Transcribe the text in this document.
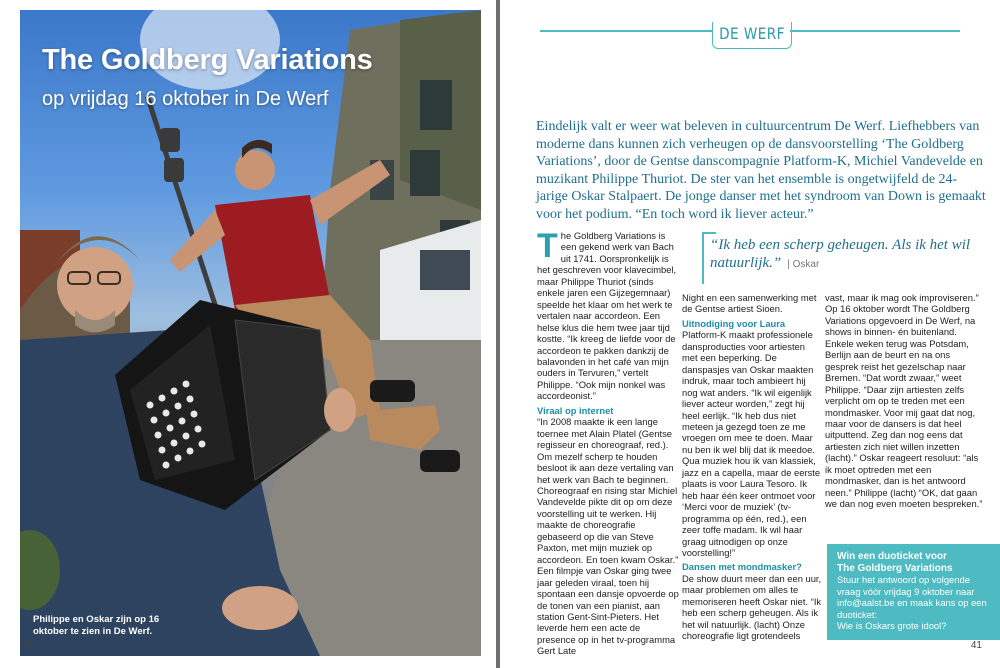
The Goldberg Variations
op vrijdag 16 oktober in De Werf
Philippe en Oskar zijn op 16 oktober te zien in De Werf.
40
DE WERF
Eindelijk valt er weer wat beleven in cultuurcentrum De Werf. Liefhebbers van moderne dans kunnen zich verheugen op de dansvoorstelling ‘The Goldberg Variations’, door de Gentse danscompagnie Platform-K, Michiel Vandevelde en muzikant Philippe Thuriot. De ster van het ensemble is ongetwijfeld de 24-jarige Oskar Stalpaert. De jonge danser met het syndroom van Down is gemaakt voor het podium. “En toch word ik liever acteur.”
“Ik heb een scherp geheugen. Als ik het wil natuurlijk.” | Oskar

The Goldberg Variations is een gekend werk van Bach uit 1741. Oorspronkelijk is het geschreven voor klavecimbel, maar Philippe Thuriot (sinds enkele jaren een Gijzegemnaar) speelde het klaar om het werk te vertalen naar accordeon. Een helse klus die hem twee jaar tijd kostte. “Ik kreeg de liefde voor de accordeon te pakken dankzij de balavonden in het café van mijn ouders in Tervuren,” vertelt Philippe. “Ook mijn nonkel was accordeonist.”

Viraal op internet

“In 2008 maakte ik een lange toernee met Alain Platel (Gentse regisseur en choreograaf, red.). Om mezelf scherp te houden besloot ik aan deze vertaling van het werk van Bach te beginnen. Choreograaf en rising star Michiel Vandevelde pikte dit op om deze voorstelling uit te werken. Hij maakte de choreografie gebaseerd op die van Steve Paxton, met mijn muziek op accordeon. En toen kwam Oskar.” Een filmpje van Oskar ging twee jaar geleden viraal, toen hij spontaan een dansje opvoerde op de tonen van een pianist, aan station Gent-Sint-Pieters. Het leverde hem een acte de presence op in het tv-programma Gert Late

Night en een samenwerking met de Gentse artiest Sioen.

Uitnodiging voor Laura

Platform-K maakt professionele dansproducties voor artiesten met een beperking. De danspasjes van Oskar maakten indruk, maar toch ambieert hij nog wat anders. “Ik wil eigenlijk liever acteur worden,” zegt hij heel eerlijk. “Ik heb dus niet meteen ja gezegd toen ze me vroegen om mee te doen. Maar nu ben ik wel blij dat ik meedoe. Qua muziek hou ik van klassiek, jazz en a capella, maar de eerste plaats is voor Laura Tesoro. Ik heb haar één keer ontmoet voor ‘Merci voor de muziek’ (tv-programma op één, red.), een zeer toffe madam. Ik wil haar graag uitnodigen op onze voorstelling!”

Dansen met mondmasker?

De show duurt meer dan een uur, maar problemen om alles te memoriseren heeft Oskar niet. “Ik heb een scherp geheugen. Als ik het wil natuurlijk. (lacht) Onze choreografie ligt grotendeels

vast, maar ik mag ook improviseren.” Op 16 oktober wordt The Goldberg Variations opgevoerd in De Werf, na shows in binnen- én buitenland. Enkele weken terug was Potsdam, Berlijn aan de beurt en na ons gesprek reist het gezelschap naar Bremen. “Dat wordt zwaar,” weet Philippe. “Daar zijn artiesten zelfs verplicht om op te treden met een mondmasker. Voor mij gaat dat nog, maar voor de dansers is dat heel uitputtend. Zeg dan nog eens dat artiesten zich niet willen inzetten (lacht).” Oskar reageert resoluut: “als ik moet optreden met een mondmasker, dan is het antwoord neen.” Philippe (lacht) “OK, dat gaan we dan nog even moeten bespreken.”

Win een duoticket voor
The Goldberg Variations
Stuur het antwoord op volgende vraag vóór vrijdag 9 oktober naar info@aalst.be en maak kans op een duoticket:
Wie is Oskars grote idool?
41
